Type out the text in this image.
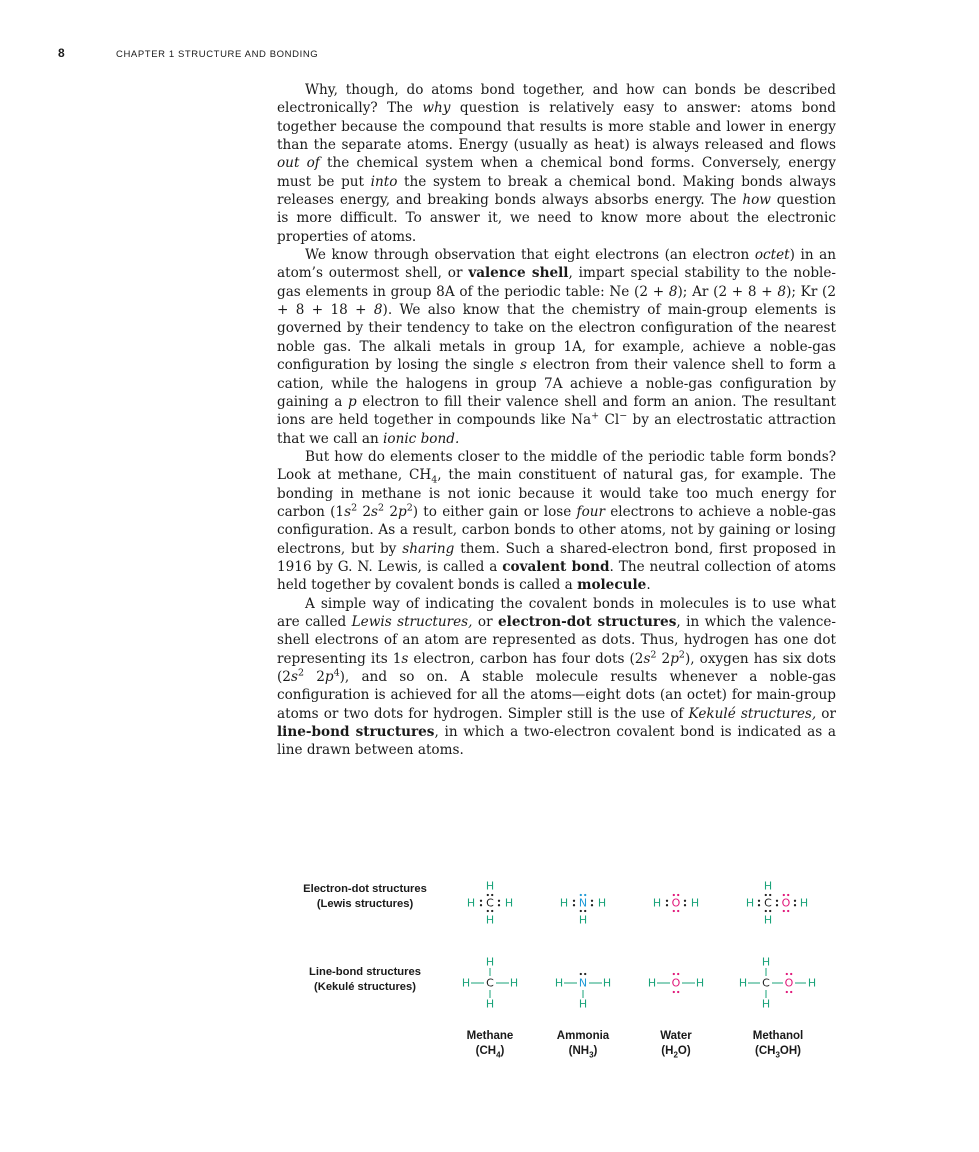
8	CHAPTER 1 STRUCTURE AND BONDING

Why, though, do atoms bond together, and how can bonds be described electronically? The why question is relatively easy to answer: atoms bond together because the compound that results is more stable and lower in energy than the separate atoms. Energy (usually as heat) is always released and flows out of the chemical system when a chemical bond forms. Conversely, energy must be put into the system to break a chemical bond. Making bonds always releases energy, and breaking bonds always absorbs energy. The how question is more difficult. To answer it, we need to know more about the electronic properties of atoms.

We know through observation that eight electrons (an electron octet) in an atom’s outermost shell, or valence shell, impart special stability to the noble-gas elements in group 8A of the periodic table: Ne (2 + 8); Ar (2 + 8 + 8); Kr (2 + 8 + 18 + 8). We also know that the chemistry of main-group elements is governed by their tendency to take on the electron configuration of the nearest noble gas. The alkali metals in group 1A, for example, achieve a noble-gas configuration by losing the single s electron from their valence shell to form a cation, while the halogens in group 7A achieve a noble-gas configuration by gaining a p electron to fill their valence shell and form an anion. The resultant ions are held together in compounds like Na+ Cl− by an electrostatic attraction that we call an ionic bond.

But how do elements closer to the middle of the periodic table form bonds? Look at methane, $CH_4$, the main constituent of natural gas, for example. The bonding in methane is not ionic because it would take too much energy for carbon ($1s^2$ $2s^2$ $2p^2$) to either gain or lose four electrons to achieve a noble-gas configuration. As a result, carbon bonds to other atoms, not by gaining or losing electrons, but by sharing them. Such a shared-electron bond, first proposed in 1916 by G. N. Lewis, is called a covalent bond. The neutral collection of atoms held together by covalent bonds is called a molecule.

A simple way of indicating the covalent bonds in molecules is to use what are called Lewis structures, or electron-dot structures, in which the valence-shell electrons of an atom are represented as dots. Thus, hydrogen has one dot representing its 1s electron, carbon has four dots ($2s^2$ $2p^2$), oxygen has six dots ($2s^2$ $2p^4$), and so on. A stable molecule results whenever a noble-gas configuration is achieved for all the atoms—eight dots (an octet) for main-group atoms or two dots for hydrogen. Simpler still is the use of Kekulé structures, or line-bond structures, in which a two-electron covalent bond is indicated as a line drawn between atoms.

Electron-dot structures
(Lewis structures)
Line-bond structures
(Kekulé structures)
C
H	H
H
H
N
H	H
H
O
H	H	C
H
H
H
O H
C
H	H
H
H
N
H	H
H
O
H	H	C
H
H
H
O H
Methane
$(CH_4)$
Ammonia
$(NH_3)$
Water
$(H_2O)$
Methanol
$(CH_3OH)$
